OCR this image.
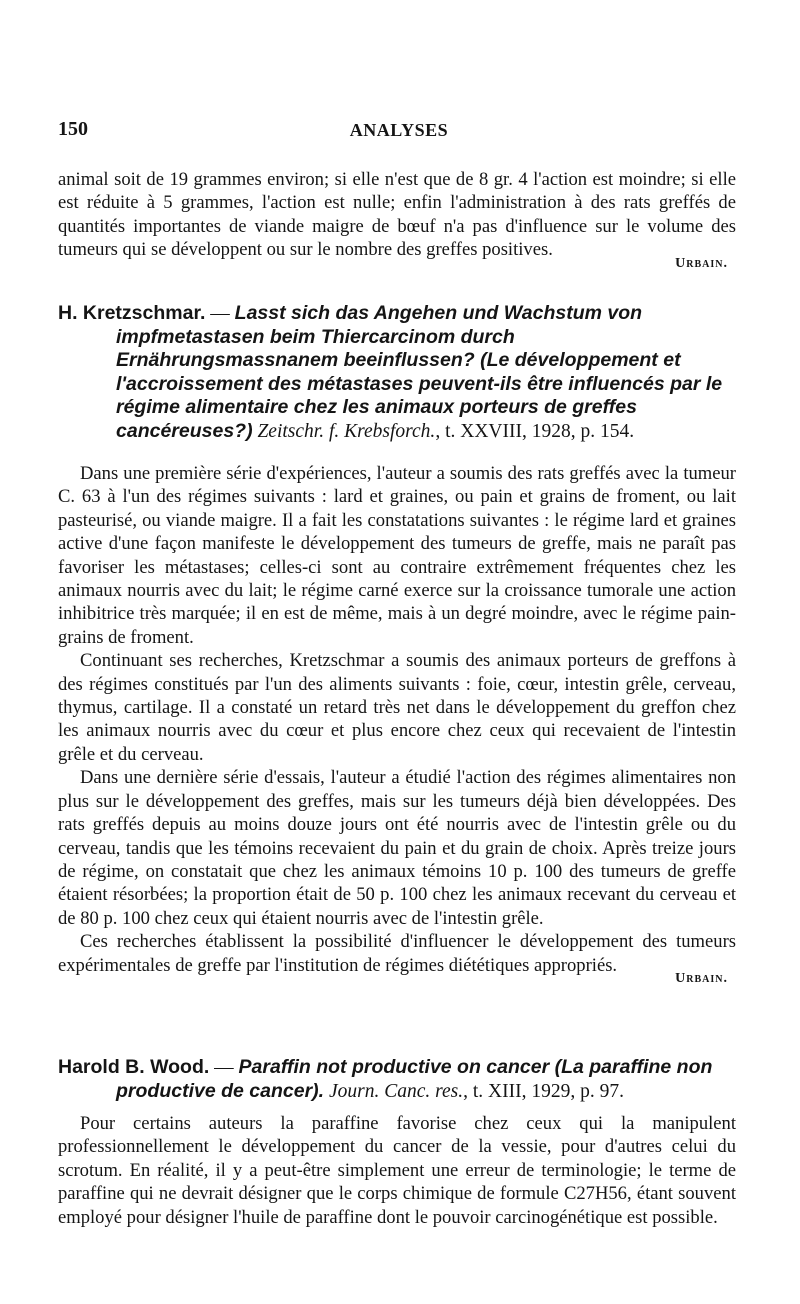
150	ANALYSES

animal soit de 19 grammes environ; si elle n'est que de 8 gr. 4 l'action est moindre; si elle est réduite à 5 grammes, l'action est nulle; enfin l'administration à des rats greffés de quantités importantes de viande maigre de bœuf n'a pas d'influence sur le volume des tumeurs qui se développent ou sur le nombre des greffes positives.

Urbain.

H. Kretzschmar. — Lasst sich das Angehen und Wachstum von impfmetastasen beim Thiercarcinom durch Ernährungsmassnanem beeinflussen? (Le développement et l'accroissement des métastases peuvent-ils être influencés par le régime alimentaire chez les animaux porteurs de greffes cancéreuses?) Zeitschr. f. Krebsforch., t. XXVIII, 1928, p. 154.

Dans une première série d'expériences, l'auteur a soumis des rats greffés avec la tumeur C. 63 à l'un des régimes suivants : lard et graines, ou pain et grains de froment, ou lait pasteurisé, ou viande maigre. Il a fait les constatations suivantes : le régime lard et graines active d'une façon manifeste le développement des tumeurs de greffe, mais ne paraît pas favoriser les métastases; celles-ci sont au contraire extrêmement fréquentes chez les animaux nourris avec du lait; le régime carné exerce sur la croissance tumorale une action inhibitrice très marquée; il en est de même, mais à un degré moindre, avec le régime pain-grains de froment.

Continuant ses recherches, Kretzschmar a soumis des animaux porteurs de greffons à des régimes constitués par l'un des aliments suivants : foie, cœur, intestin grêle, cerveau, thymus, cartilage. Il a constaté un retard très net dans le développement du greffon chez les animaux nourris avec du cœur et plus encore chez ceux qui recevaient de l'intestin grêle et du cerveau.

Dans une dernière série d'essais, l'auteur a étudié l'action des régimes alimentaires non plus sur le développement des greffes, mais sur les tumeurs déjà bien développées. Des rats greffés depuis au moins douze jours ont été nourris avec de l'intestin grêle ou du cerveau, tandis que les témoins recevaient du pain et du grain de choix. Après treize jours de régime, on constatait que chez les animaux témoins 10 p. 100 des tumeurs de greffe étaient résorbées; la proportion était de 50 p. 100 chez les animaux recevant du cerveau et de 80 p. 100 chez ceux qui étaient nourris avec de l'intestin grêle.

Ces recherches établissent la possibilité d'influencer le développement des tumeurs expérimentales de greffe par l'institution de régimes diététiques appropriés.

Urbain.

Harold B. Wood. — Paraffin not productive on cancer (La paraffine non productive de cancer). Journ. Canc. res., t. XIII, 1929, p. 97.

Pour certains auteurs la paraffine favorise chez ceux qui la manipulent professionnellement le développement du cancer de la vessie, pour d'autres celui du scrotum. En réalité, il y a peut-être simplement une erreur de terminologie; le terme de paraffine qui ne devrait désigner que le corps chimique de formule C27H56, étant souvent employé pour désigner l'huile de paraffine dont le pouvoir carcinogénétique est possible.
